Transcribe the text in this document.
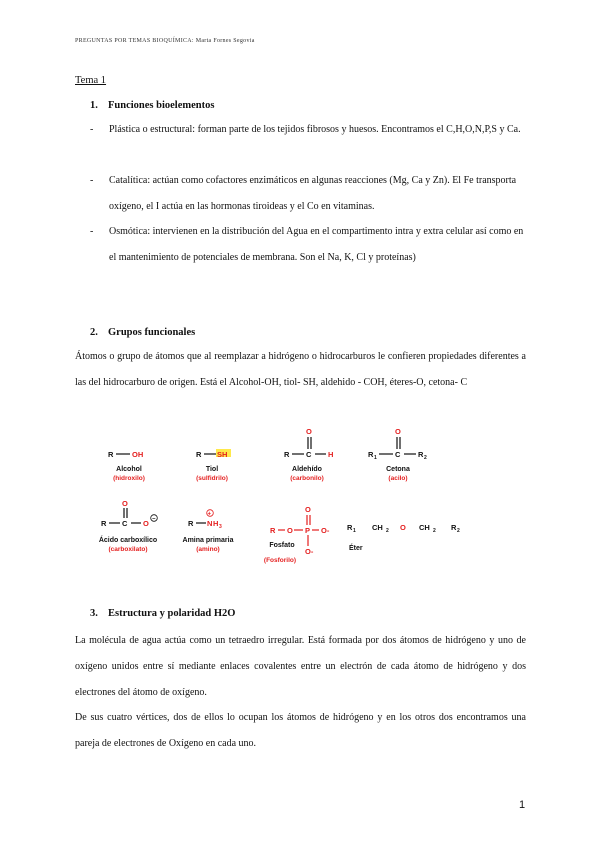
PREGUNTAS POR TEMAS BIOQUÍMICA: Marta Fornes Segovia
Tema 1
1. Funciones bioelementos
- Plástica o estructural: forman parte de los tejidos fibrosos y huesos. Encontramos el C,H,O,N,P,S y Ca.
- Catalítica: actúan como cofactores enzimáticos en algunas reacciones (Mg, Ca y Zn). El Fe transporta oxígeno, el I actúa en las hormonas tiroideas y el Co en vitaminas.
- Osmótica: intervienen en la distribución del Agua en el compartimento intra y extra celular así como en el mantenimiento de potenciales de membrana. Son el Na, K, Cl y proteínas)
2. Grupos funcionales
Átomos o grupo de átomos que al reemplazar a hidrógeno o hidrocarburos le confieren propiedades diferentes a las del hidrocarburo de origen. Está el Alcohol-OH, tiol- SH, aldehido - COH, éteres-O, cetona- C
R OH
Alcohol
(hidroxilo)
R SH
Tiol
(sulfidrilo)
R C
O
H
Aldehído
(carbonilo)
R 1 C
O
R 2
Cetona
(acilo)
R C
O
O −
Ácido carboxílico
(carboxilato)
R
+
N H 3
Amina primaria
(amino)
R O P
O
O-
O-
Fosfato
(Fosforilo)
R 1 CH 2 O CH 2 R 2
Éter
3. Estructura y polaridad H2O
La molécula de agua actúa como un tetraedro irregular. Está formada por dos átomos de hidrógeno y uno de oxígeno unidos entre sí mediante enlaces covalentes entre un electrón de cada átomo de hidrógeno y dos electrones del átomo de oxígeno.
De sus cuatro vértices, dos de ellos lo ocupan los átomos de hidrógeno y en los otros dos encontramos una pareja de electrones de Oxígeno en cada uno.
1
